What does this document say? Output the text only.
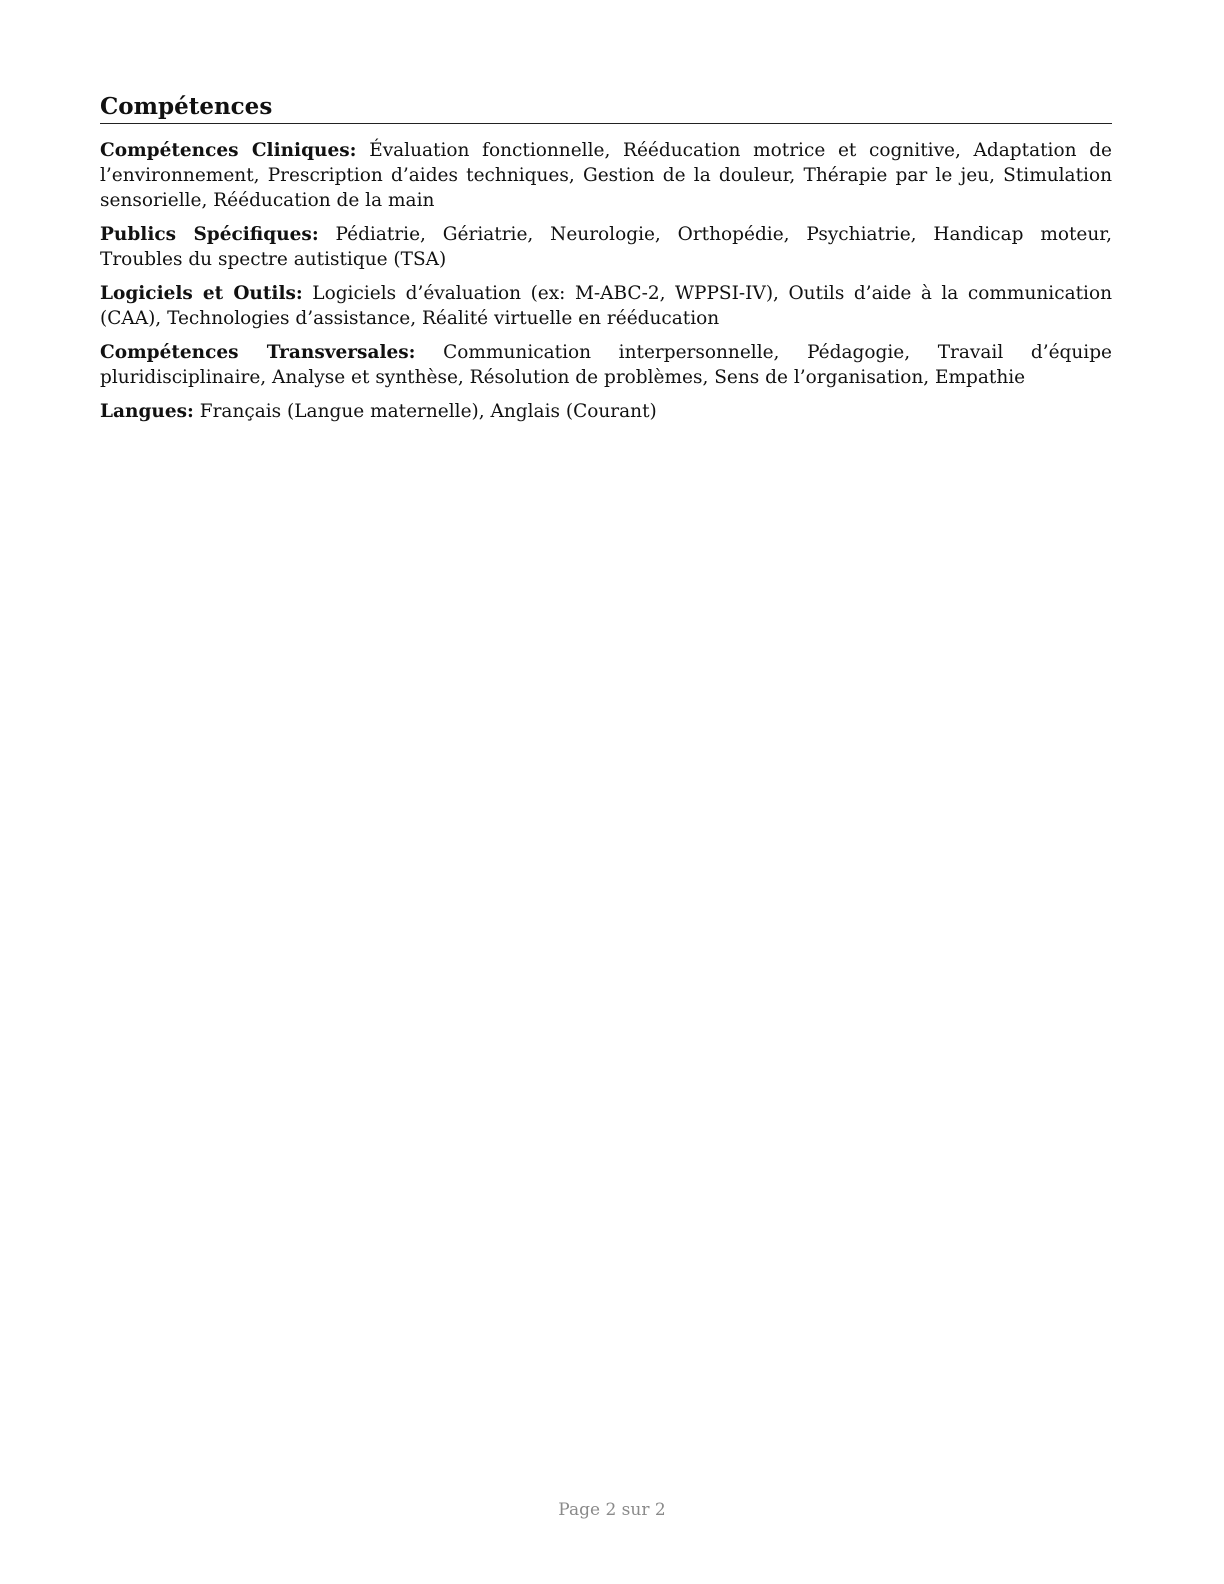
Compétences

Compétences Cliniques: Évaluation fonctionnelle, Rééducation motrice et cognitive, Adaptation de l’environnement, Prescription d’aides techniques, Gestion de la douleur, Thérapie par le jeu, Stimulation sensorielle, Rééducation de la main

Publics Spécifiques: Pédiatrie, Gériatrie, Neurologie, Orthopédie, Psychiatrie, Handicap moteur, Troubles du spectre autistique (TSA)

Logiciels et Outils: Logiciels d’évaluation (ex: M-ABC-2, WPPSI-IV), Outils d’aide à la communication (CAA), Technologies d’assistance, Réalité virtuelle en rééducation

Compétences Transversales: Communication interpersonnelle, Pédagogie, Travail d’équipe pluridisciplinaire, Analyse et synthèse, Résolution de problèmes, Sens de l’organisation, Empathie

Langues: Français (Langue maternelle), Anglais (Courant)

Page 2 sur 2
